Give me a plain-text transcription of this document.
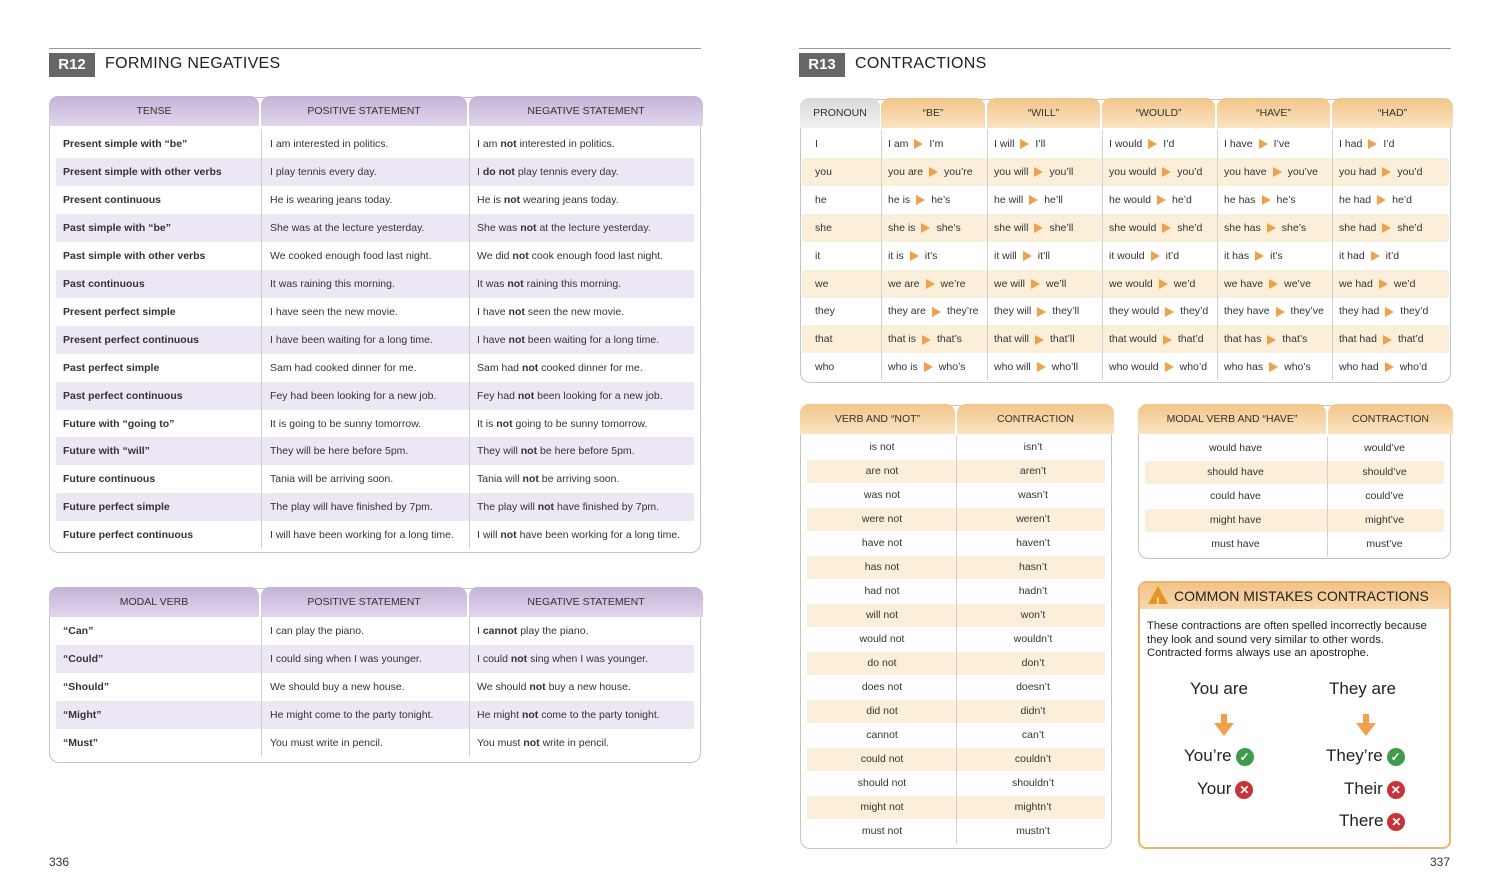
R12	FORMING NEGATIVES	R13	CONTRACTIONS
TENSE	POSITIVE STATEMENT	NEGATIVE STATEMENT
Present simple with “be”	I am interested in politics.	I am not interested in politics.
Present simple with other verbs	I play tennis every day.	I do not play tennis every day.
Present continuous	He is wearing jeans today.	He is not wearing jeans today.
Past simple with “be”	She was at the lecture yesterday.	She was not at the lecture yesterday.
Past simple with other verbs	We cooked enough food last night.	We did not cook enough food last night.
Past continuous	It was raining this morning.	It was not raining this morning.
Present perfect simple	I have seen the new movie.	I have not seen the new movie.
Present perfect continuous	I have been waiting for a long time.	I have not been waiting for a long time.
Past perfect simple	Sam had cooked dinner for me.	Sam had not cooked dinner for me.
Past perfect continuous	Fey had been looking for a new job.	Fey had not been looking for a new job.
Future with “going to”	It is going to be sunny tomorrow.	It is not going to be sunny tomorrow.
Future with “will”	They will be here before 5pm.	They will not be here before 5pm.
Future continuous	Tania will be arriving soon.	Tania will not be arriving soon.
Future perfect simple	The play will have finished by 7pm.	The play will not have finished by 7pm.
Future perfect continuous	I will have been working for a long time.	I will not have been working for a long time.
MODAL VERB	POSITIVE STATEMENT	NEGATIVE STATEMENT
“Can”	I can play the piano.	I cannot play the piano.
“Could”	I could sing when I was younger.	I could not sing when I was younger.
“Should”	We should buy a new house.	We should not buy a new house.
“Might”	He might come to the party tonight.	He might not come to the party tonight.
“Must”	You must write in pencil.	You must not write in pencil.
PRONOUN	“BE”	“WILL”	“WOULD”	“HAVE”	“HAD”
I	I am I’m	I will I’ll	I would I’d	I have I’ve	I had I’d
you	you are you’re	you will you’ll	you would you’d	you have you’ve	you had you’d
he	he is he’s	he will he’ll	he would he’d	he has he’s	he had he’d
she	she is she’s	she will she’ll	she would she’d	she has she’s	she had she’d
it	it is it’s	it will it’ll	it would it’d	it has it’s	it had it’d
we	we are we’re	we will we’ll	we would we’d	we have we’ve	we had we’d
they	they are they’re	they will they’ll	they would they’d	they have they’ve	they had they’d
that	that is that’s	that will that’ll	that would that’d	that has that’s	that had that’d
who	who is who’s	who will who’ll	who would who’d	who has who’s	who had who’d
VERB AND “NOT”	CONTRACTION
is not	isn’t
are not	aren’t
was not	wasn’t
were not	weren’t
have not	haven’t
has not	hasn’t
had not	hadn’t
will not	won’t
would not	wouldn’t
do not	don’t
does not	doesn’t
did not	didn’t
cannot	can’t
could not	couldn’t
should not	shouldn’t
might not	mightn’t
must not	mustn’t
MODAL VERB AND “HAVE”	CONTRACTION
would have	would’ve
should have	should’ve
could have	could’ve
might have	might’ve
must have	must’ve
! COMMON MISTAKES CONTRACTIONS
These contractions are often spelled incorrectly because they look and sound very similar to other words. Contracted forms always use an apostrophe.
You are	They are
You’re ✓
Your ✕
They’re ✓
Their ✕
There ✕
336	337
